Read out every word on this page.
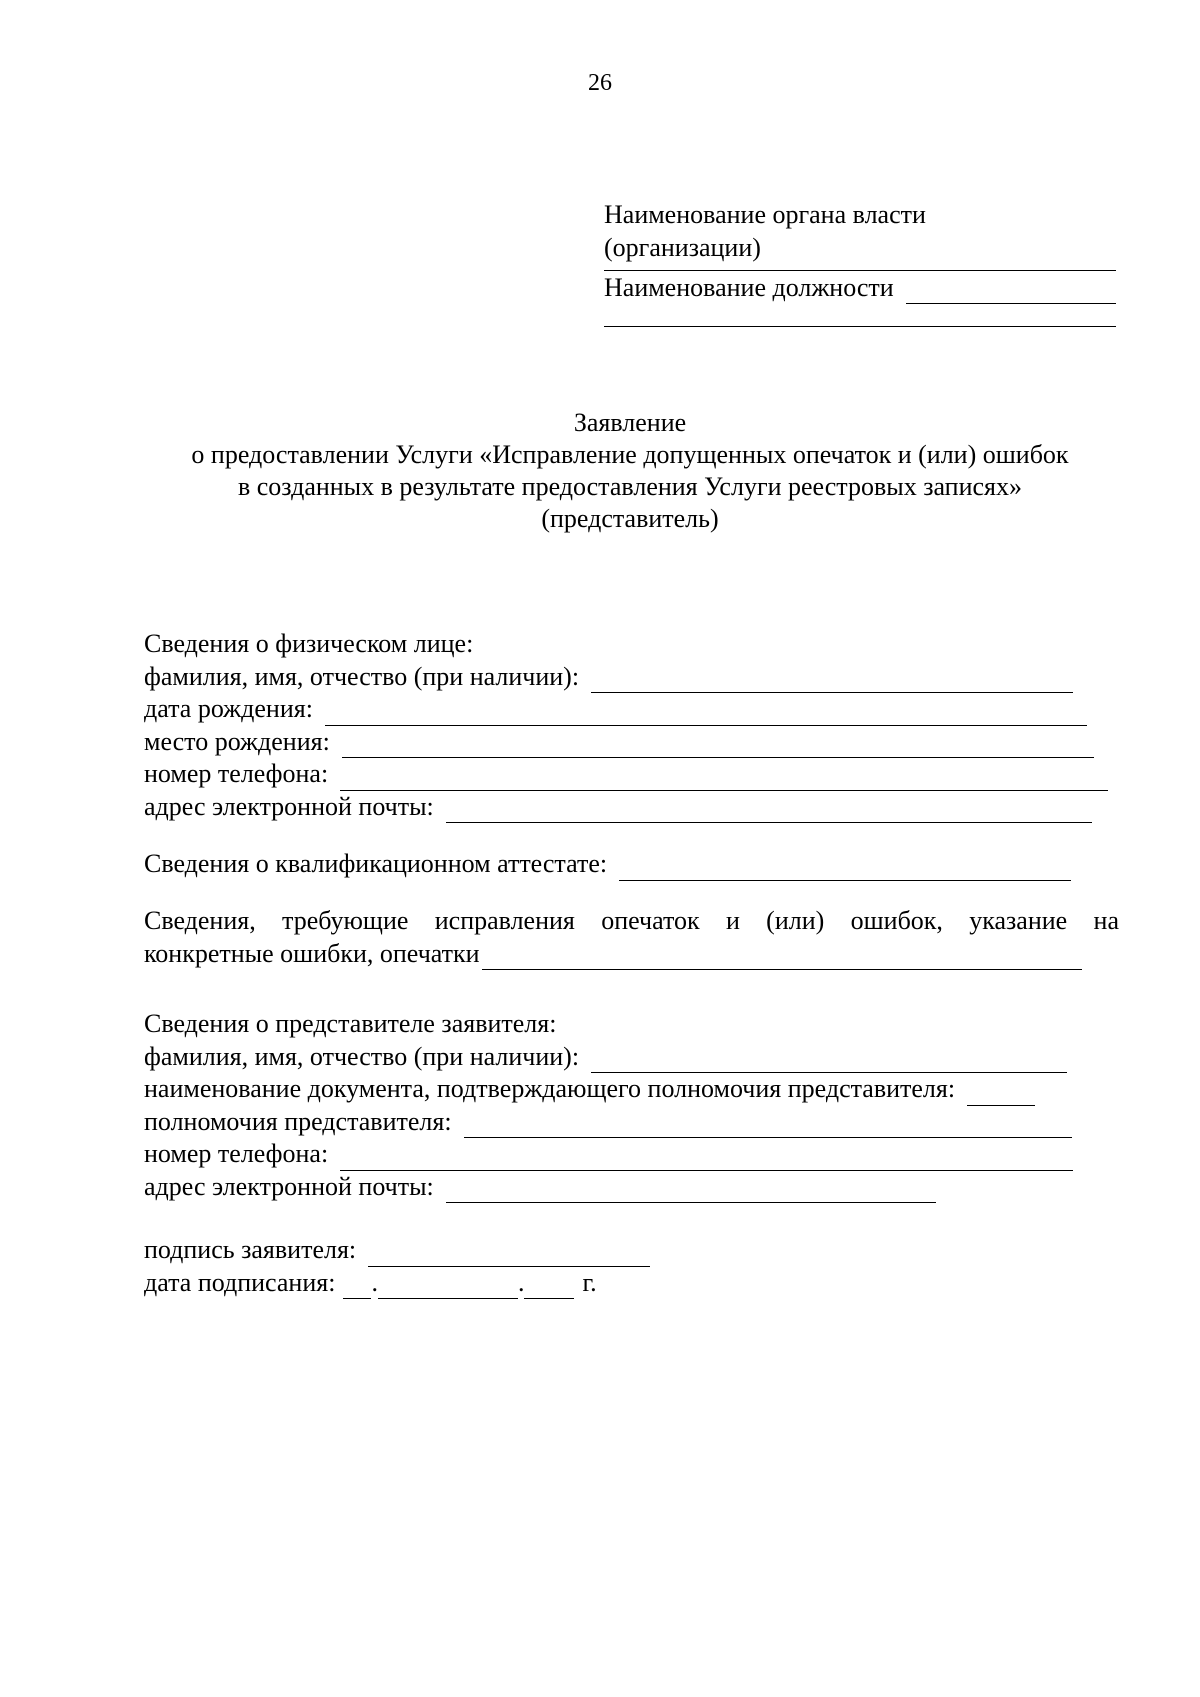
26
Наименование органа власти
(организации)
Наименование должности
Заявление
о предоставлении Услуги «Исправление допущенных опечаток и (или) ошибок
в созданных в результате предоставления Услуги реестровых записях»
(представитель)
Сведения о физическом лице:
фамилия, имя, отчество (при наличии):
дата рождения:
место рождения:
номер телефона:
адрес электронной почты:
Сведения о квалификационном аттестате:
Сведения, требующие исправления опечаток и (или) ошибок, указание на
конкретные ошибки, опечатки
Сведения о представителе заявителя:
фамилия, имя, отчество (при наличии):
наименование документа, подтверждающего полномочия представителя:
полномочия представителя:
номер телефона:
адрес электронной почты:
подпись заявителя:
дата подписания: .	. г.
